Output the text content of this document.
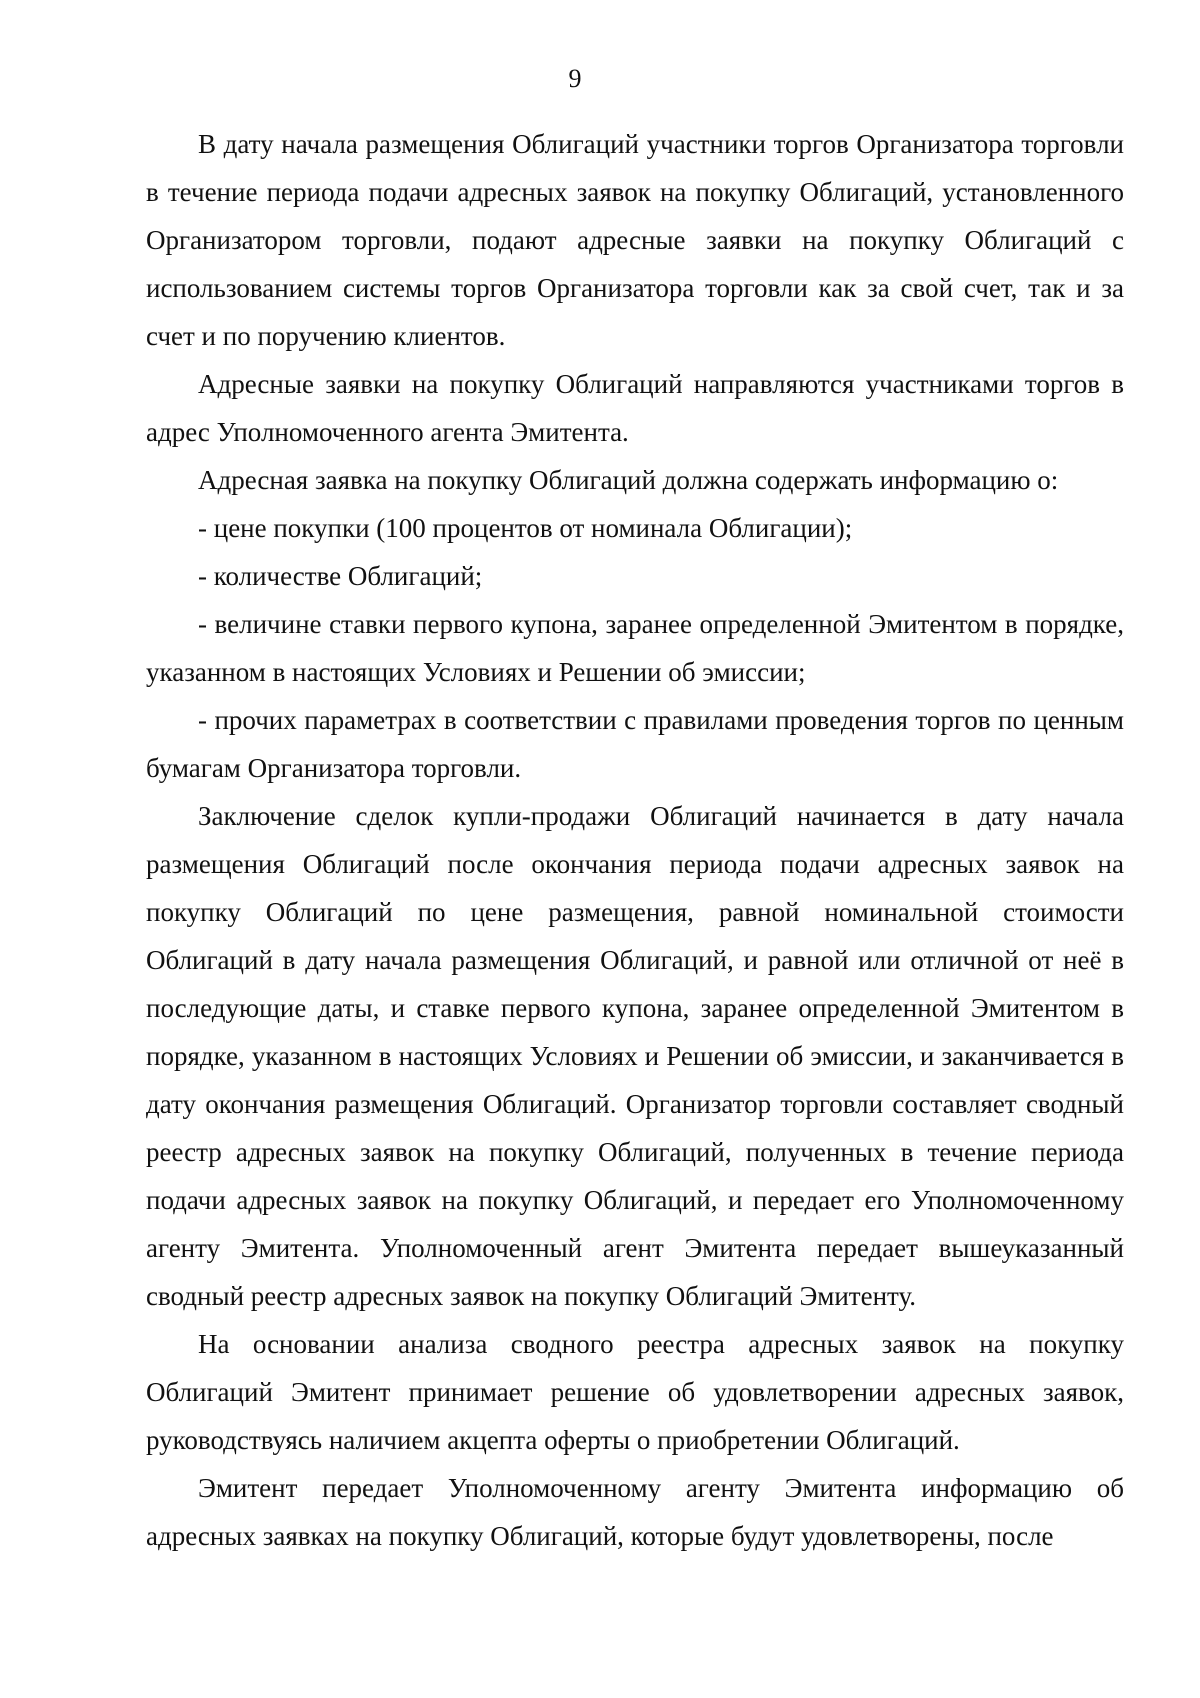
9

В дату начала размещения Облигаций участники торгов Организатора торговли в течение периода подачи адресных заявок на покупку Облигаций, установленного Организатором торговли, подают адресные заявки на покупку Облигаций с использованием системы торгов Организатора торговли как за свой счет, так и за счет и по поручению клиентов.

Адресные заявки на покупку Облигаций направляются участниками торгов в адрес Уполномоченного агента Эмитента.

Адресная заявка на покупку Облигаций должна содержать информацию о:

- цене покупки (100 процентов от номинала Облигации);

- количестве Облигаций;

- величине ставки первого купона, заранее определенной Эмитентом в порядке, указанном в настоящих Условиях и Решении об эмиссии;

- прочих параметрах в соответствии с правилами проведения торгов по ценным бумагам Организатора торговли.

Заключение сделок купли-продажи Облигаций начинается в дату начала размещения Облигаций после окончания периода подачи адресных заявок на покупку Облигаций по цене размещения, равной номинальной стоимости Облигаций в дату начала размещения Облигаций, и равной или отличной от неё в последующие даты, и ставке первого купона, заранее определенной Эмитентом в порядке, указанном в настоящих Условиях и Решении об эмиссии, и заканчивается в дату окончания размещения Облигаций. Организатор торговли составляет сводный реестр адресных заявок на покупку Облигаций, полученных в течение периода подачи адресных заявок на покупку Облигаций, и передает его Уполномоченному агенту Эмитента. Уполномоченный агент Эмитента передает вышеуказанный сводный реестр адресных заявок на покупку Облигаций Эмитенту.

На основании анализа сводного реестра адресных заявок на покупку Облигаций Эмитент принимает решение об удовлетворении адресных заявок, руководствуясь наличием акцепта оферты о приобретении Облигаций.

Эмитент передает Уполномоченному агенту Эмитента информацию об адресных заявках на покупку Облигаций, которые будут удовлетворены, после
